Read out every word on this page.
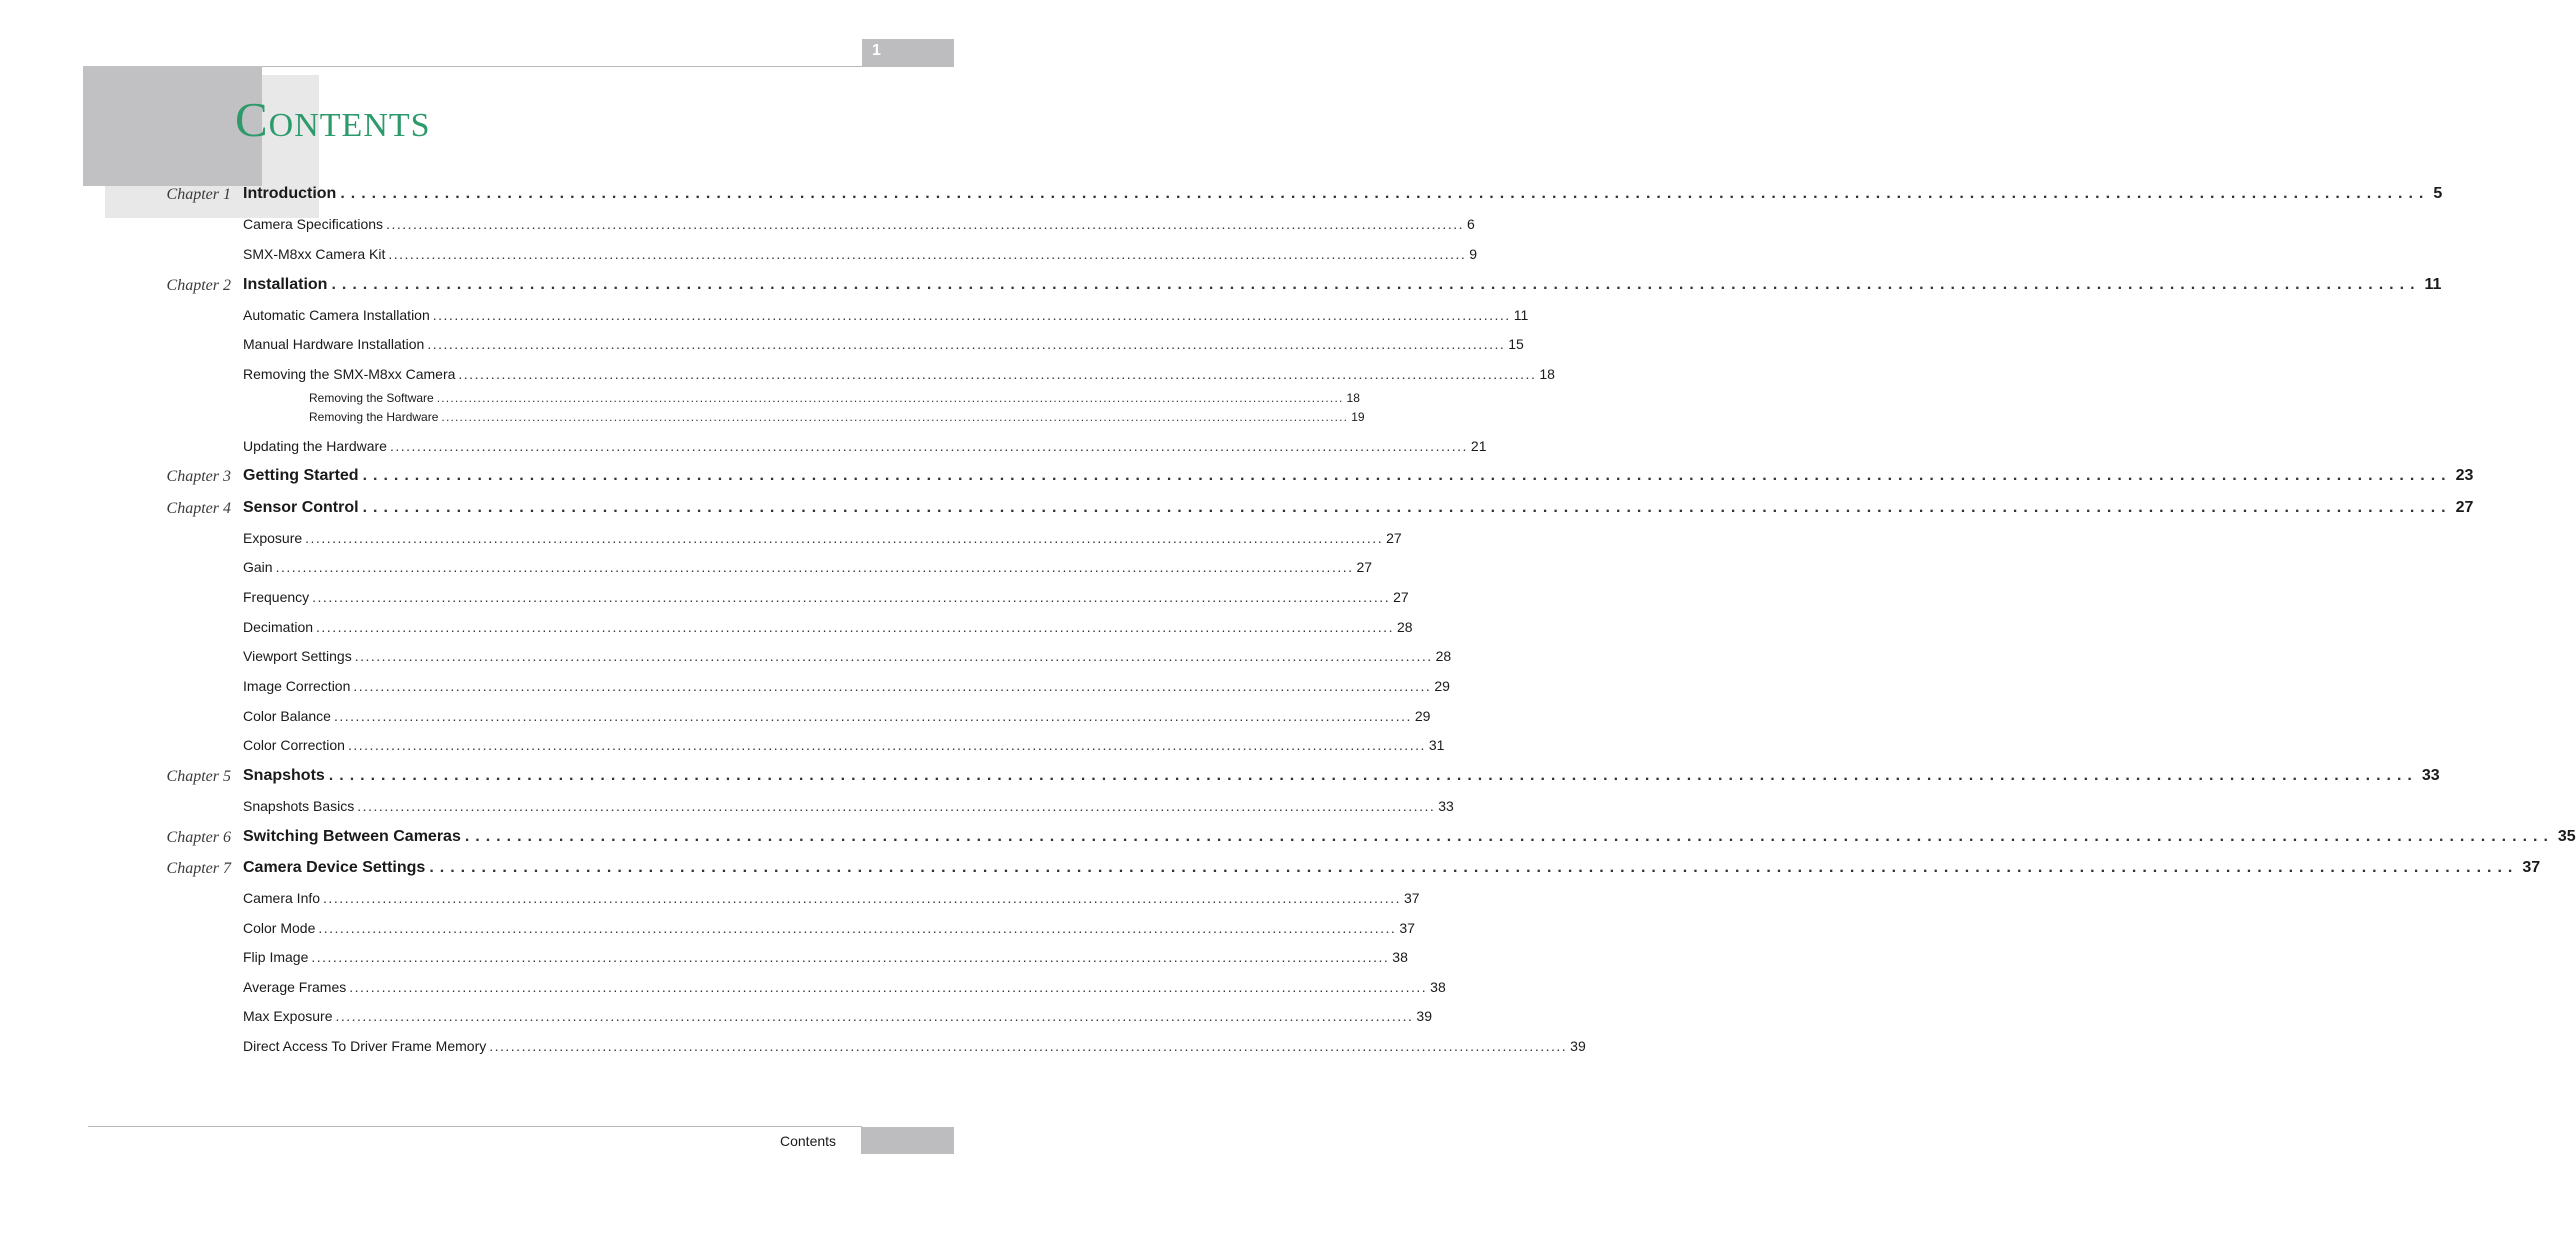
1
Contents
Introduction ........................................................................................................................................................................................................ 5
Chapter 1
Camera Specifications ........................................................................................................................................................................................................ 6
SMX-M8xx Camera Kit ........................................................................................................................................................................................................ 9
Installation ........................................................................................................................................................................................................ 11
Chapter 2
Automatic Camera Installation ........................................................................................................................................................................................................ 11
Manual Hardware Installation ........................................................................................................................................................................................................ 15
Removing the SMX-M8xx Camera ........................................................................................................................................................................................................ 18
Removing the Software ........................................................................................................................................................................................................ 18
Removing the Hardware ........................................................................................................................................................................................................ 19
Updating the Hardware ........................................................................................................................................................................................................ 21
Getting Started ........................................................................................................................................................................................................ 23
Chapter 3
Sensor Control ........................................................................................................................................................................................................ 27
Chapter 4
Exposure ........................................................................................................................................................................................................ 27
Gain ........................................................................................................................................................................................................ 27
Frequency ........................................................................................................................................................................................................ 27
Decimation ........................................................................................................................................................................................................ 28
Viewport Settings ........................................................................................................................................................................................................ 28
Image Correction ........................................................................................................................................................................................................ 29
Color Balance ........................................................................................................................................................................................................ 29
Color Correction ........................................................................................................................................................................................................ 31
Snapshots ........................................................................................................................................................................................................ 33
Chapter 5
Snapshots Basics ........................................................................................................................................................................................................ 33
Switching Between Cameras ........................................................................................................................................................................................................ 35
Chapter 6
Camera Device Settings ........................................................................................................................................................................................................ 37
Chapter 7
Camera Info ........................................................................................................................................................................................................ 37
Color Mode ........................................................................................................................................................................................................ 37
Flip Image ........................................................................................................................................................................................................ 38
Average Frames ........................................................................................................................................................................................................ 38
Max Exposure ........................................................................................................................................................................................................ 39
Direct Access To Driver Frame Memory ........................................................................................................................................................................................................ 39
Contents
